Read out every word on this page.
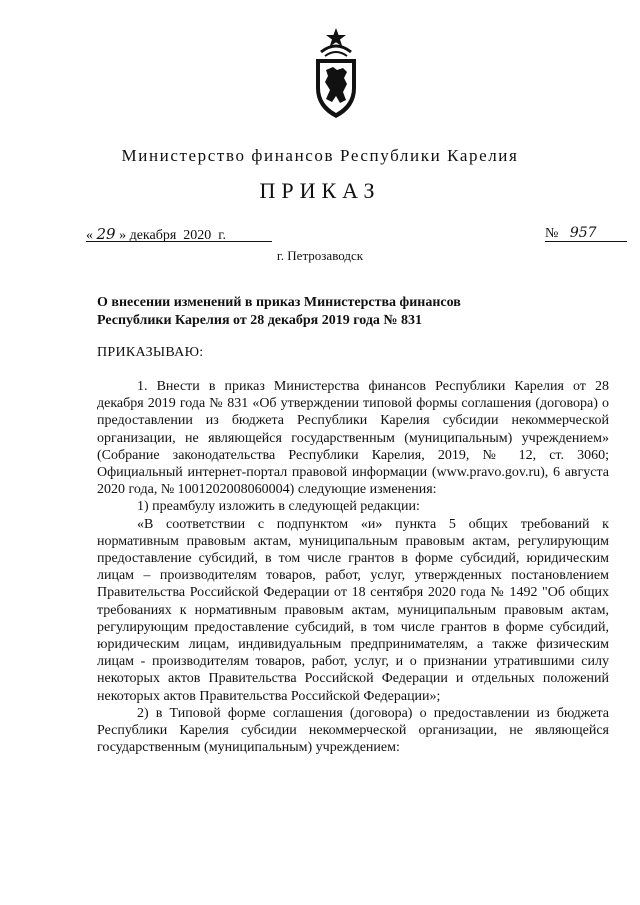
Министерство финансов Республики Карелия
ПРИКАЗ
« 29 » декабря  2020  г.	№ 957
г. Петрозаводск
О внесении изменений в приказ Министерства финансов Республики Карелия от 28 декабря 2019 года № 831
ПРИКАЗЫВАЮ:

1. Внести в приказ Министерства финансов Республики Карелия от 28 декабря 2019 года № 831 «Об утверждении типовой формы соглашения (договора) о предоставлении из бюджета Республики Карелия субсидии некоммерческой организации, не являющейся государственным (муниципальным) учреждением» (Собрание законодательства Республики Карелия, 2019, № 12, ст. 3060; Официальный интернет-портал правовой информации (www.pravo.gov.ru), 6 августа 2020 года, № 1001202008060004) следующие изменения:

1) преамбулу изложить в следующей редакции:

«В соответствии с подпунктом «и» пункта 5 общих требований к нормативным правовым актам, муниципальным правовым актам, регулирующим предоставление субсидий, в том числе грантов в форме субсидий, юридическим лицам – производителям товаров, работ, услуг, утвержденных постановлением Правительства Российской Федерации от 18 сентября 2020 года № 1492 "Об общих требованиях к нормативным правовым актам, муниципальным правовым актам, регулирующим предоставление субсидий, в том числе грантов в форме субсидий, юридическим лицам, индивидуальным предпринимателям, а также физическим лицам - производителям товаров, работ, услуг, и о признании утратившими силу некоторых актов Правительства Российской Федерации и отдельных положений некоторых актов Правительства Российской Федерации»;

2) в Типовой форме соглашения (договора) о предоставлении из бюджета Республики Карелия субсидии некоммерческой организации, не являющейся государственным (муниципальным) учреждением:
